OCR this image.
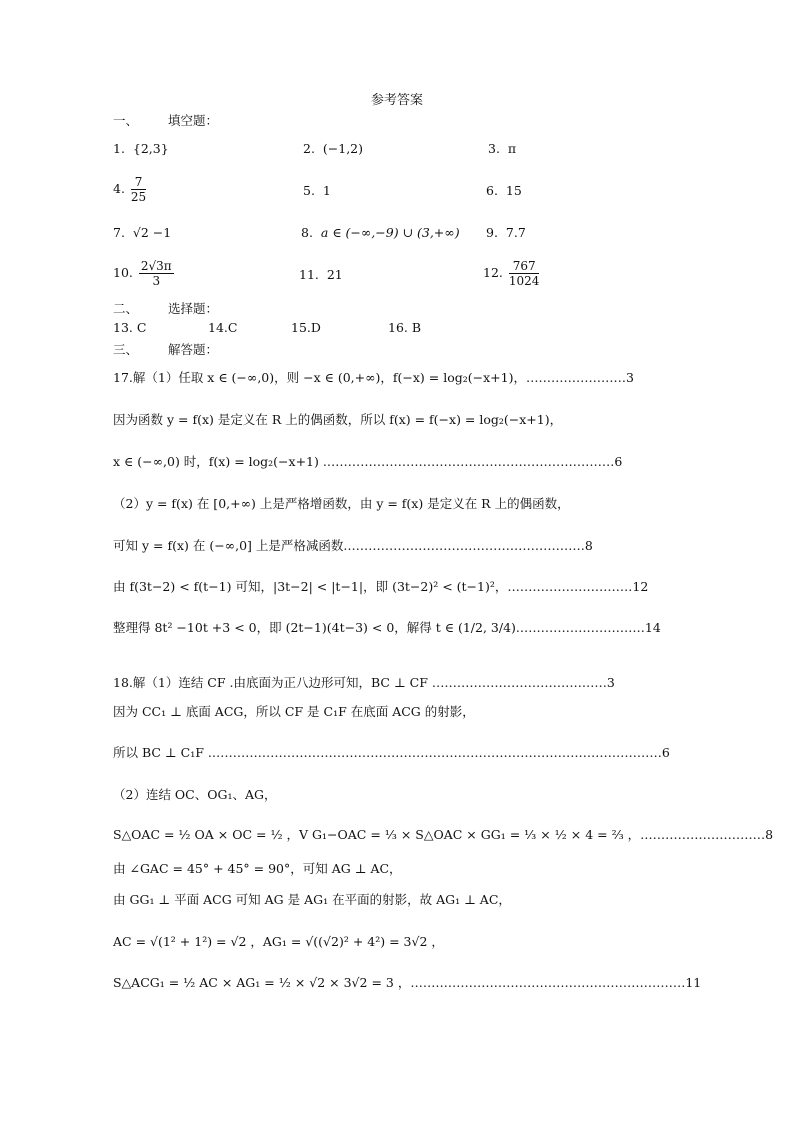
参考答案
一、 填空题：
1. {2,3}	2. (−1,2)	3. π
4. $\frac{7}{25}$	5. 1	6. 15
7. √2 −1	8. a ∈ (−∞,−9) ∪ (3,+∞) 9. 7.7
10. $\frac{2√3\pi}{3}$	11. 21	12. $\frac{767}{1024}$
二、 选择题：
13. C	14.C	15.D	16. B
三、 解答题：
17.解（1）任取 x ∈ (−∞,0)，则 −x ∈ (0,+∞)，f(−x) = log₂(−x+1)，……………………3
因为函数 y = f(x) 是定义在 R 上的偶函数，所以 f(x) = f(−x) = log₂(−x+1)，
x ∈ (−∞,0) 时，f(x) = log₂(−x+1) .……………………………………………………………6
（2）y = f(x) 在 [0,+∞) 上是严格增函数，由 y = f(x) 是定义在 R 上的偶函数，
可知 y = f(x) 在 (−∞,0] 上是严格减函数.…………………………………………………8
由 f(3t−2) < f(t−1) 可知，|3t−2| < |t−1|，即 (3t−2)² < (t−1)²，…………………………12
整理得 8t² −10t +3 < 0，即 (2t−1)(4t−3) < 0，解得 t ∈ (1/2, 3/4).…………………………14
18.解（1）连结 CF .由底面为正八边形可知，BC ⊥ CF ……………………………………3
因为 CC₁ ⊥ 底面 ACG，所以 CF 是 C₁F 在底面 ACG 的射影，
所以 BC ⊥ C₁F .………………………………………………………………………………………………6
（2）连结 OC、OG₁、AG，
S△OAC = ½ OA × OC = ½ ，V G₁−OAC = ⅓ × S△OAC × GG₁ = ⅓ × ½ × 4 = ⅔ ，…………………………8
由 ∠GAC = 45° + 45° = 90°，可知 AG ⊥ AC，
由 GG₁ ⊥ 平面 ACG 可知 AG 是 AG₁ 在平面的射影，故 AG₁ ⊥ AC，
AC = √(1² + 1²) = √2 ，AG₁ = √((√2)² + 4²) = 3√2 ，
S△ACG₁ = ½ AC × AG₁ = ½ × √2 × 3√2 = 3 ，…………………………………………………………11
